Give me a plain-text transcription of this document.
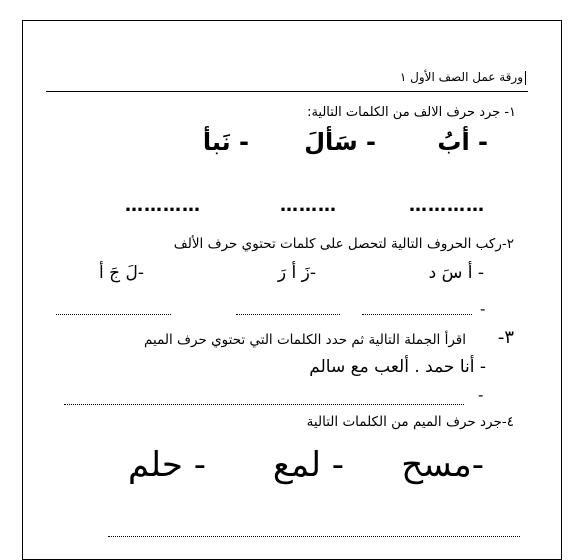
ورقة عمل الصف الأول ١
١- جرد حرف الالف من الكلمات التالية:
- أبُ
- سَألَ
- نَبأ
…………
………
…………
٢-ركب الحروف التالية لتحصل على كلمات تحتوي حرف الألف
- أ سَ د
-زَ أ رَ
-لَ جَ أ
-
٣-
اقرأ الجملة التالية ثم حدد الكلمات التي تحتوي حرف الميم
- أنا حمد . ألعب مع سالم
-
٤-جرد حرف الميم من الكلمات التالية
-مسح
- لمع
- حلم
